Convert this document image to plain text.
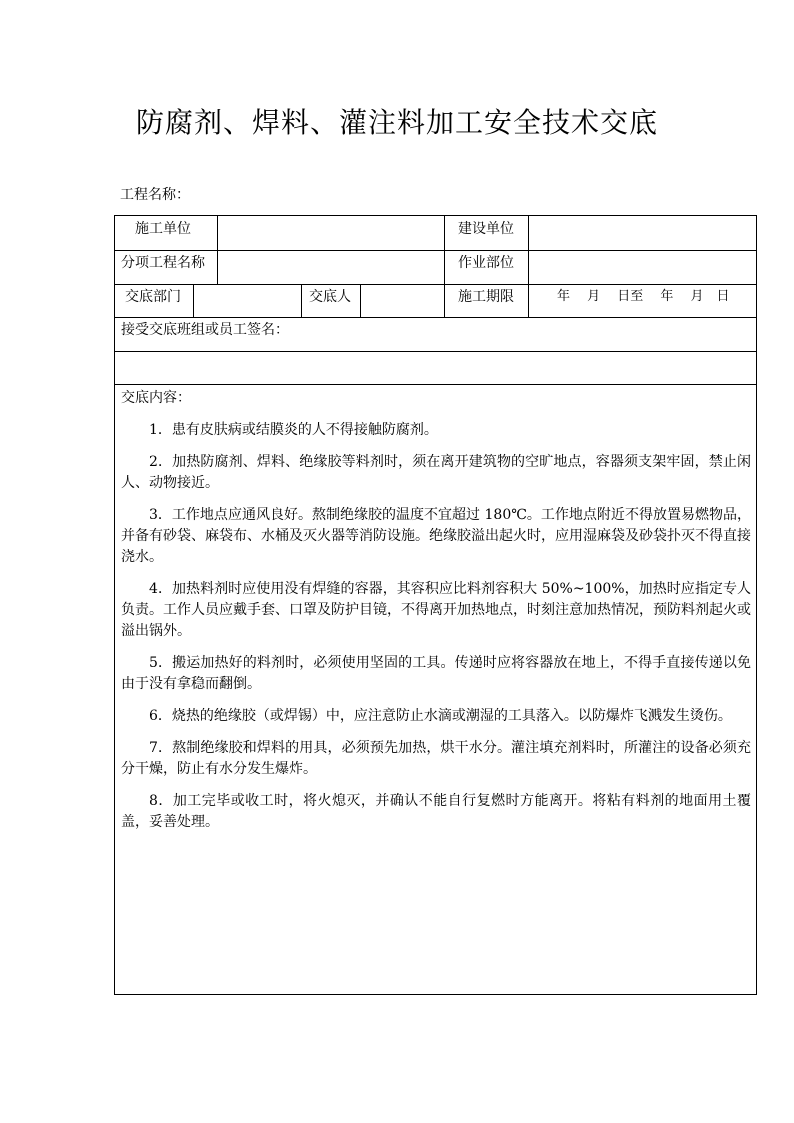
防腐剂、焊料、灌注料加工安全技术交底
工程名称：
施工单位	建设单位
分项工程名称	作业部位
交底部门	交底人	施工期限	年　 月　 日至　 年　 月　日
接受交底班组或员工签名：
交底内容：

1．患有皮肤病或结膜炎的人不得接触防腐剂。

2．加热防腐剂、焊料、绝缘胶等料剂时，须在离开建筑物的空旷地点，容器须支架牢固，禁止闲人、动物接近。

3．工作地点应通风良好。熬制绝缘胶的温度不宜超过 180℃。工作地点附近不得放置易燃物品，并备有砂袋、麻袋布、水桶及灭火器等消防设施。绝缘胶溢出起火时，应用湿麻袋及砂袋扑灭不得直接浇水。

4．加热料剂时应使用没有焊缝的容器，其容积应比料剂容积大 50%~100%，加热时应指定专人负责。工作人员应戴手套、口罩及防护目镜，不得离开加热地点，时刻注意加热情况，预防料剂起火或溢出锅外。

5．搬运加热好的料剂时，必须使用坚固的工具。传递时应将容器放在地上，不得手直接传递以免由于没有拿稳而翻倒。

6．烧热的绝缘胶（或焊锡）中，应注意防止水滴或潮湿的工具落入。以防爆炸飞溅发生烫伤。

7．熬制绝缘胶和焊料的用具，必须预先加热，烘干水分。灌注填充剂料时，所灌注的设备必须充分干燥，防止有水分发生爆炸。

8．加工完毕或收工时，将火熄灭，并确认不能自行复燃时方能离开。将粘有料剂的地面用土覆盖，妥善处理。
